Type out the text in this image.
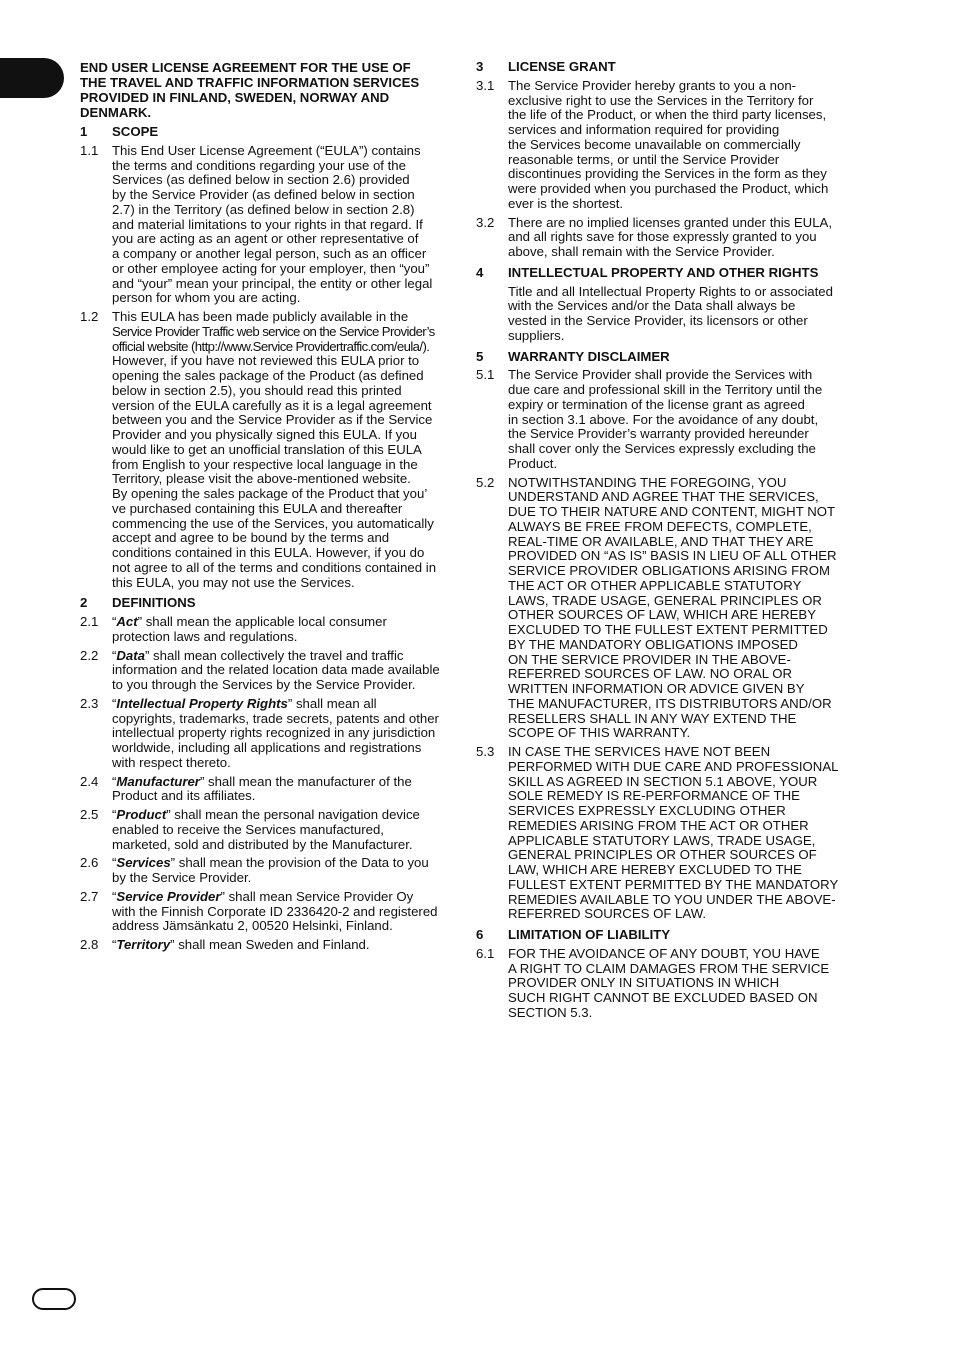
END USER LICENSE AGREEMENT FOR THE USE OF
THE TRAVEL AND TRAFFIC INFORMATION SERVICES
PROVIDED IN FINLAND, SWEDEN, NORWAY AND
DENMARK.
1	SCOPE
1.1	This End User License Agreement (“EULA”) contains
the terms and conditions regarding your use of the
Services (as defined below in section 2.6) provided
by the Service Provider (as defined below in section
2.7) in the Territory (as defined below in section 2.8)
and material limitations to your rights in that regard. If
you are acting as an agent or other representative of
a company or another legal person, such as an officer
or other employee acting for your employer, then “you”
and “your” mean your principal, the entity or other legal
person for whom you are acting.
1.2	This EULA has been made publicly available in the
Service Provider Traffic web service on the Service Provider’s
official website (http://www.Service Providertraffic.com/eula/).
However, if you have not reviewed this EULA prior to
opening the sales package of the Product (as defined
below in section 2.5), you should read this printed
version of the EULA carefully as it is a legal agreement
between you and the Service Provider as if the Service
Provider and you physically signed this EULA. If you
would like to get an unofficial translation of this EULA
from English to your respective local language in the
Territory, please visit the above-mentioned website.
By opening the sales package of the Product that you’
ve purchased containing this EULA and thereafter
commencing the use of the Services, you automatically
accept and agree to be bound by the terms and
conditions contained in this EULA. However, if you do
not agree to all of the terms and conditions contained in
this EULA, you may not use the Services.
2	DEFINITIONS
2.1	“Act” shall mean the applicable local consumer
protection laws and regulations.
2.2	“Data” shall mean collectively the travel and traffic
information and the related location data made available
to you through the Services by the Service Provider.
2.3	“Intellectual Property Rights” shall mean all
copyrights, trademarks, trade secrets, patents and other
intellectual property rights recognized in any jurisdiction
worldwide, including all applications and registrations
with respect thereto.
2.4	“Manufacturer” shall mean the manufacturer of the
Product and its affiliates.
2.5	“Product” shall mean the personal navigation device
enabled to receive the Services manufactured,
marketed, sold and distributed by the Manufacturer.
2.6	“Services” shall mean the provision of the Data to you
by the Service Provider.
2.7	“Service Provider” shall mean Service Provider Oy
with the Finnish Corporate ID 2336420-2 and registered
address Jämsänkatu 2, 00520 Helsinki, Finland.
2.8	“Territory” shall mean Sweden and Finland.
3	LICENSE GRANT
3.1	The Service Provider hereby grants to you a non-
exclusive right to use the Services in the Territory for
the life of the Product, or when the third party licenses,
services and information required for providing
the Services become unavailable on commercially
reasonable terms, or until the Service Provider
discontinues providing the Services in the form as they
were provided when you purchased the Product, which
ever is the shortest.
3.2	There are no implied licenses granted under this EULA,
and all rights save for those expressly granted to you
above, shall remain with the Service Provider.
4	INTELLECTUAL PROPERTY AND OTHER RIGHTS
Title and all Intellectual Property Rights to or associated
with the Services and/or the Data shall always be
vested in the Service Provider, its licensors or other
suppliers.
5	WARRANTY DISCLAIMER
5.1	The Service Provider shall provide the Services with
due care and professional skill in the Territory until the
expiry or termination of the license grant as agreed
in section 3.1 above. For the avoidance of any doubt,
the Service Provider’s warranty provided hereunder
shall cover only the Services expressly excluding the
Product.
5.2	NOTWITHSTANDING THE FOREGOING, YOU
UNDERSTAND AND AGREE THAT THE SERVICES,
DUE TO THEIR NATURE AND CONTENT, MIGHT NOT
ALWAYS BE FREE FROM DEFECTS, COMPLETE,
REAL-TIME OR AVAILABLE, AND THAT THEY ARE
PROVIDED ON “AS IS” BASIS IN LIEU OF ALL OTHER
SERVICE PROVIDER OBLIGATIONS ARISING FROM
THE ACT OR OTHER APPLICABLE STATUTORY
LAWS, TRADE USAGE, GENERAL PRINCIPLES OR
OTHER SOURCES OF LAW, WHICH ARE HEREBY
EXCLUDED TO THE FULLEST EXTENT PERMITTED
BY THE MANDATORY OBLIGATIONS IMPOSED
ON THE SERVICE PROVIDER IN THE ABOVE-
REFERRED SOURCES OF LAW. NO ORAL OR
WRITTEN INFORMATION OR ADVICE GIVEN BY
THE MANUFACTURER, ITS DISTRIBUTORS AND/OR
RESELLERS SHALL IN ANY WAY EXTEND THE
SCOPE OF THIS WARRANTY.
5.3	IN CASE THE SERVICES HAVE NOT BEEN
PERFORMED WITH DUE CARE AND PROFESSIONAL
SKILL AS AGREED IN SECTION 5.1 ABOVE, YOUR
SOLE REMEDY IS RE-PERFORMANCE OF THE
SERVICES EXPRESSLY EXCLUDING OTHER
REMEDIES ARISING FROM THE ACT OR OTHER
APPLICABLE STATUTORY LAWS, TRADE USAGE,
GENERAL PRINCIPLES OR OTHER SOURCES OF
LAW, WHICH ARE HEREBY EXCLUDED TO THE
FULLEST EXTENT PERMITTED BY THE MANDATORY
REMEDIES AVAILABLE TO YOU UNDER THE ABOVE-
REFERRED SOURCES OF LAW.
6	LIMITATION OF LIABILITY
6.1	FOR THE AVOIDANCE OF ANY DOUBT, YOU HAVE
A RIGHT TO CLAIM DAMAGES FROM THE SERVICE
PROVIDER ONLY IN SITUATIONS IN WHICH
SUCH RIGHT CANNOT BE EXCLUDED BASED ON
SECTION 5.3.
